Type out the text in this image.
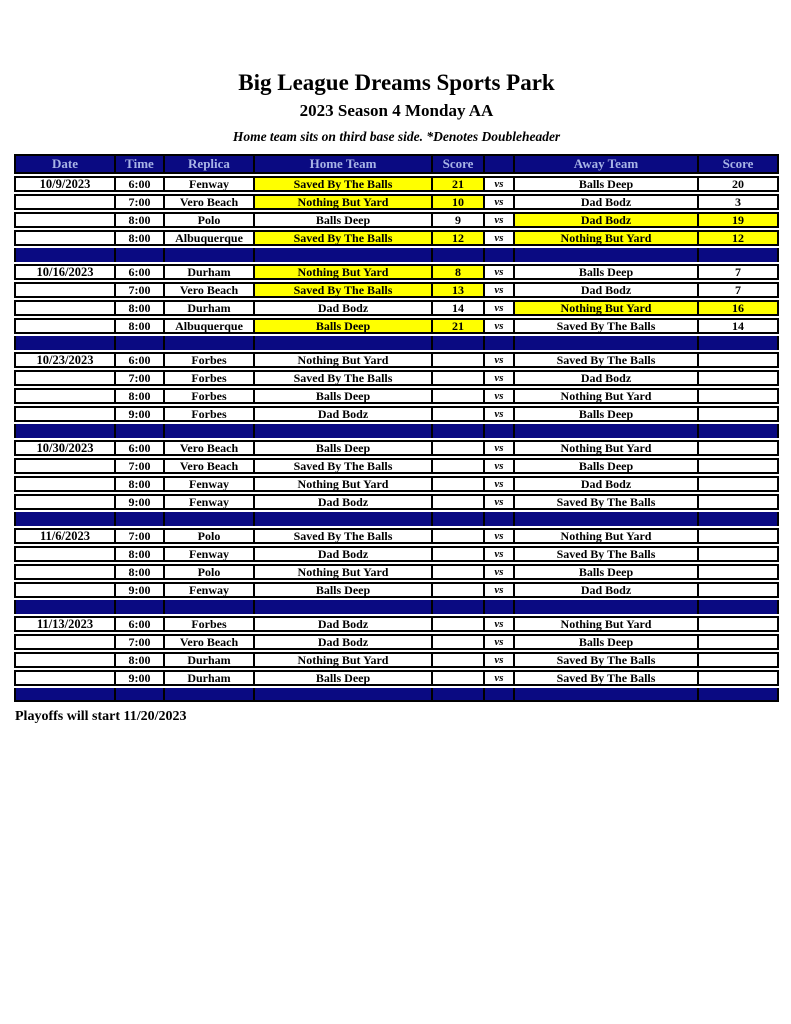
Big League Dreams Sports Park
2023 Season 4 Monday AA
Home team sits on third base side. *Denotes Doubleheader
Date	Time	Replica	Home Team	Score		Away Team	Score
10/9/2023	6:00	Fenway	Saved By The Balls	21	vs	Balls Deep	20
	7:00	Vero Beach	Nothing But Yard	10	vs	Dad Bodz	3
	8:00	Polo	Balls Deep	9	vs	Dad Bodz	19
	8:00	Albuquerque	Saved By The Balls	12	vs	Nothing But Yard	12

10/16/2023	6:00	Durham	Nothing But Yard	8	vs	Balls Deep	7
	7:00	Vero Beach	Saved By The Balls	13	vs	Dad Bodz	7
	8:00	Durham	Dad Bodz	14	vs	Nothing But Yard	16
	8:00	Albuquerque	Balls Deep	21	vs	Saved By The Balls	14

10/23/2023	6:00	Forbes	Nothing But Yard		vs	Saved By The Balls	
	7:00	Forbes	Saved By The Balls		vs	Dad Bodz	
	8:00	Forbes	Balls Deep		vs	Nothing But Yard	
	9:00	Forbes	Dad Bodz		vs	Balls Deep	

10/30/2023	6:00	Vero Beach	Balls Deep		vs	Nothing But Yard	
	7:00	Vero Beach	Saved By The Balls		vs	Balls Deep	
	8:00	Fenway	Nothing But Yard		vs	Dad Bodz	
	9:00	Fenway	Dad Bodz		vs	Saved By The Balls	

11/6/2023	7:00	Polo	Saved By The Balls		vs	Nothing But Yard	
	8:00	Fenway	Dad Bodz		vs	Saved By The Balls	
	8:00	Polo	Nothing But Yard		vs	Balls Deep	
	9:00	Fenway	Balls Deep		vs	Dad Bodz	

11/13/2023	6:00	Forbes	Dad Bodz		vs	Nothing But Yard	
	7:00	Vero Beach	Dad Bodz		vs	Balls Deep	
	8:00	Durham	Nothing But Yard		vs	Saved By The Balls	
	9:00	Durham	Balls Deep		vs	Saved By The Balls	

Playoffs will start 11/20/2023
